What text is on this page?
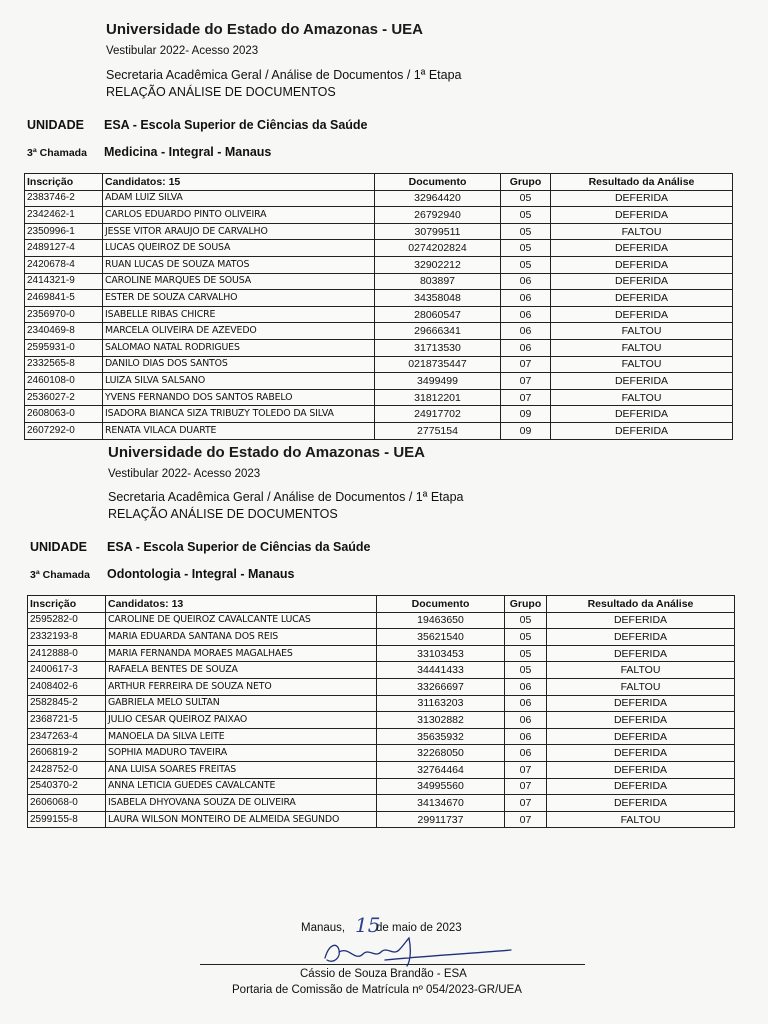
Universidade do Estado do Amazonas - UEA
Vestibular 2022- Acesso 2023
Secretaria Acadêmica Geral / Análise de Documentos / 1ª Etapa
RELAÇÃO ANÁLISE DE DOCUMENTOS
UNIDADE ESA - Escola Superior de Ciências da Saúde
3ª Chamada Medicina - Integral - Manaus
Inscrição	Candidatos: 15	Documento	Grupo	Resultado da Análise
2383746-2	ADAM LUIZ SILVA	32964420	05	DEFERIDA
2342462-1	CARLOS EDUARDO PINTO OLIVEIRA	26792940	05	DEFERIDA
2350996-1	JESSE VITOR ARAUJO DE CARVALHO	30799511	05	FALTOU
2489127-4	LUCAS QUEIROZ DE SOUSA	0274202824	05	DEFERIDA
2420678-4	RUAN LUCAS DE SOUZA MATOS	32902212	05	DEFERIDA
2414321-9	CAROLINE MARQUES DE SOUSA	803897	06	DEFERIDA
2469841-5	ESTER DE SOUZA CARVALHO	34358048	06	DEFERIDA
2356970-0	ISABELLE RIBAS CHICRE	28060547	06	DEFERIDA
2340469-8	MARCELA OLIVEIRA DE AZEVEDO	29666341	06	FALTOU
2595931-0	SALOMAO NATAL RODRIGUES	31713530	06	FALTOU
2332565-8	DANILO DIAS DOS SANTOS	0218735447	07	FALTOU
2460108-0	LUIZA SILVA SALSANO	3499499	07	DEFERIDA
2536027-2	YVENS FERNANDO DOS SANTOS RABELO	31812201	07	FALTOU
2608063-0	ISADORA BIANCA SIZA TRIBUZY TOLEDO DA SILVA	24917702	09	DEFERIDA
2607292-0	RENATA VILACA DUARTE	2775154	09	DEFERIDA
Universidade do Estado do Amazonas - UEA
Vestibular 2022- Acesso 2023
Secretaria Acadêmica Geral / Análise de Documentos / 1ª Etapa
RELAÇÃO ANÁLISE DE DOCUMENTOS
UNIDADE ESA - Escola Superior de Ciências da Saúde
3ª Chamada Odontologia - Integral - Manaus
Inscrição	Candidatos: 13	Documento	Grupo	Resultado da Análise
2595282-0	CAROLINE DE QUEIROZ CAVALCANTE LUCAS	19463650	05	DEFERIDA
2332193-8	MARIA EDUARDA SANTANA DOS REIS	35621540	05	DEFERIDA
2412888-0	MARIA FERNANDA MORAES MAGALHAES	33103453	05	DEFERIDA
2400617-3	RAFAELA BENTES DE SOUZA	34441433	05	FALTOU
2408402-6	ARTHUR FERREIRA DE SOUZA NETO	33266697	06	FALTOU
2582845-2	GABRIELA MELO SULTAN	31163203	06	DEFERIDA
2368721-5	JULIO CESAR QUEIROZ PAIXAO	31302882	06	DEFERIDA
2347263-4	MANOELA DA SILVA LEITE	35635932	06	DEFERIDA
2606819-2	SOPHIA MADURO TAVEIRA	32268050	06	DEFERIDA
2428752-0	ANA LUISA SOARES FREITAS	32764464	07	DEFERIDA
2540370-2	ANNA LETICIA GUEDES CAVALCANTE	34995560	07	DEFERIDA
2606068-0	ISABELA DHYOVANA SOUZA DE OLIVEIRA	34134670	07	DEFERIDA
2599155-8	LAURA WILSON MONTEIRO DE ALMEIDA SEGUNDO	29911737	07	FALTOU
Manaus, 15
de maio de 2023
Cássio de Souza Brandão - ESA
Portaria de Comissão de Matrícula nº 054/2023-GR/UEA
